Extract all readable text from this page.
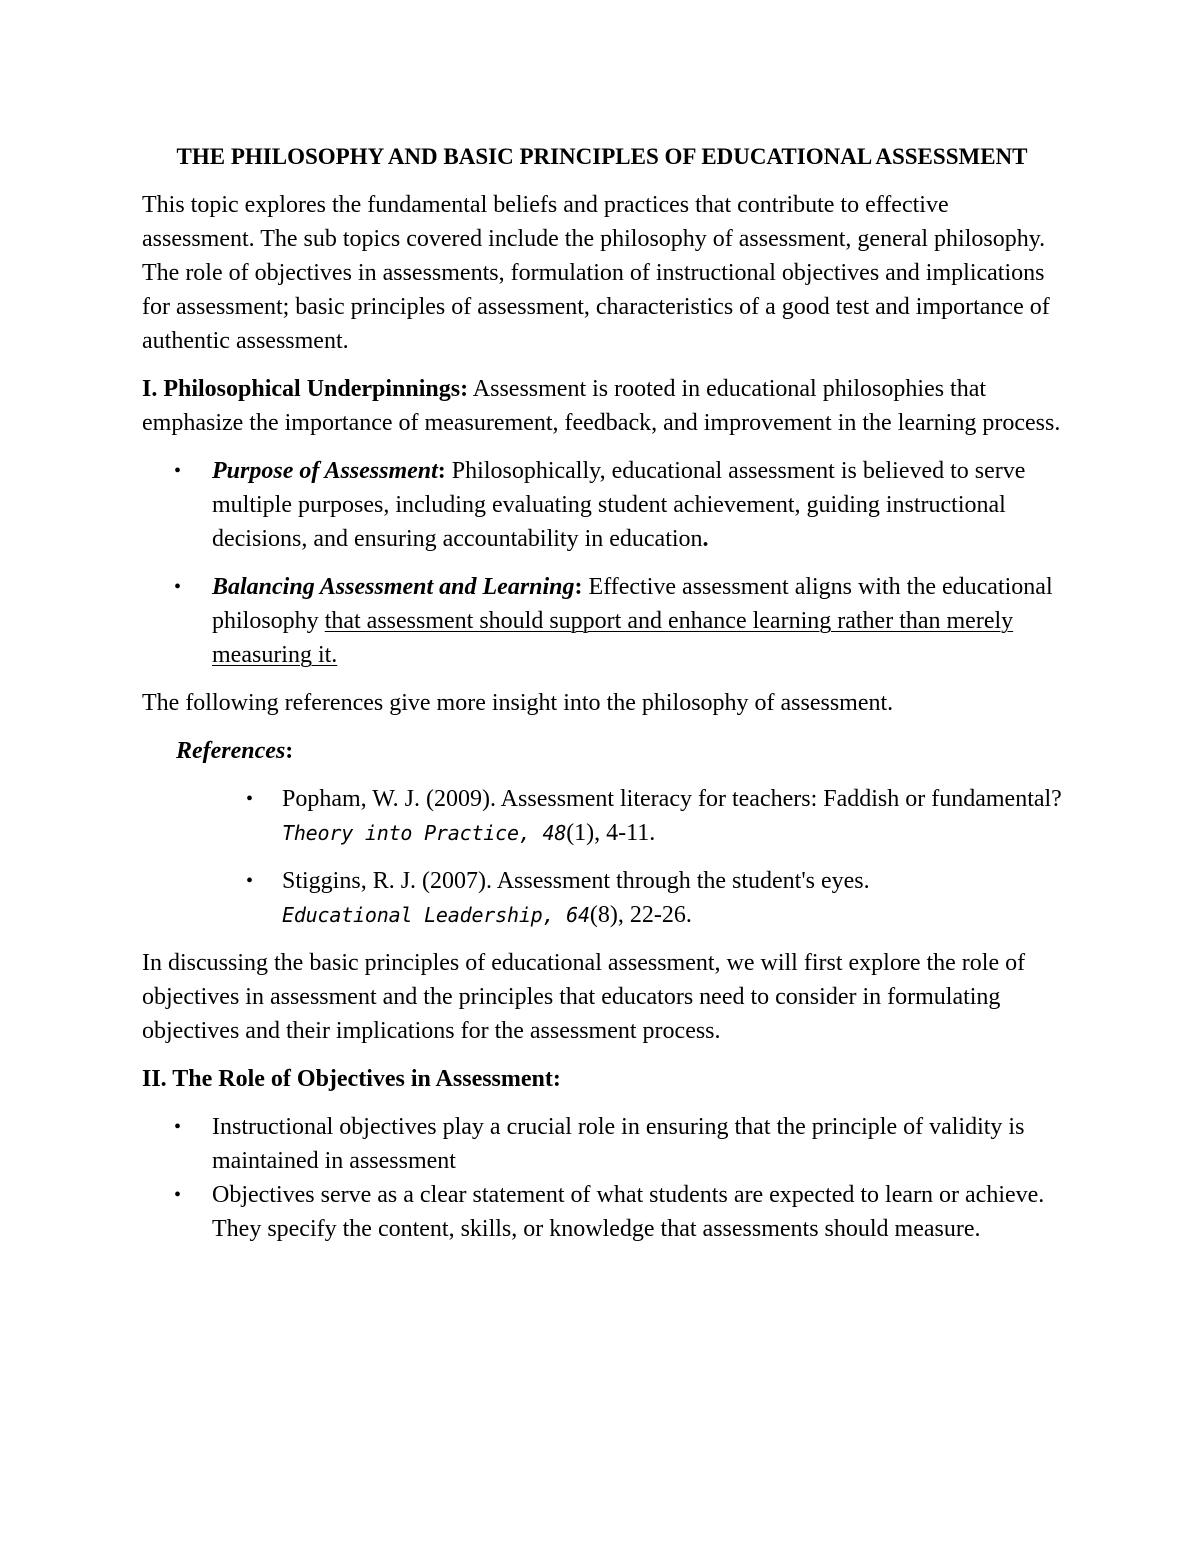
THE PHILOSOPHY AND BASIC PRINCIPLES OF EDUCATIONAL ASSESSMENT

This topic explores the fundamental beliefs and practices that contribute to effective assessment. The sub topics covered include the philosophy of assessment, general philosophy. The role of objectives in assessments, formulation of instructional objectives and implications for assessment; basic principles of assessment, characteristics of a good test and importance of authentic assessment.

I. Philosophical Underpinnings: Assessment is rooted in educational philosophies that emphasize the importance of measurement, feedback, and improvement in the learning process.

• Purpose of Assessment: Philosophically, educational assessment is believed to serve multiple purposes, including evaluating student achievement, guiding instructional decisions, and ensuring accountability in education.
• Balancing Assessment and Learning: Effective assessment aligns with the educational philosophy that assessment should support and enhance learning rather than merely measuring it.

The following references give more insight into the philosophy of assessment.

References:
• Popham, W. J. (2009). Assessment literacy for teachers: Faddish or fundamental? Theory into Practice, 48(1), 4-11.
• Stiggins, R. J. (2007). Assessment through the student's eyes.
Educational Leadership, 64(8), 22-26.

In discussing the basic principles of educational assessment, we will first explore the role of objectives in assessment and the principles that educators need to consider in formulating objectives and their implications for the assessment process.

II. The Role of Objectives in Assessment:

• Instructional objectives play a crucial role in ensuring that the principle of validity is maintained in assessment
• Objectives serve as a clear statement of what students are expected to learn or achieve. They specify the content, skills, or knowledge that assessments should measure.
